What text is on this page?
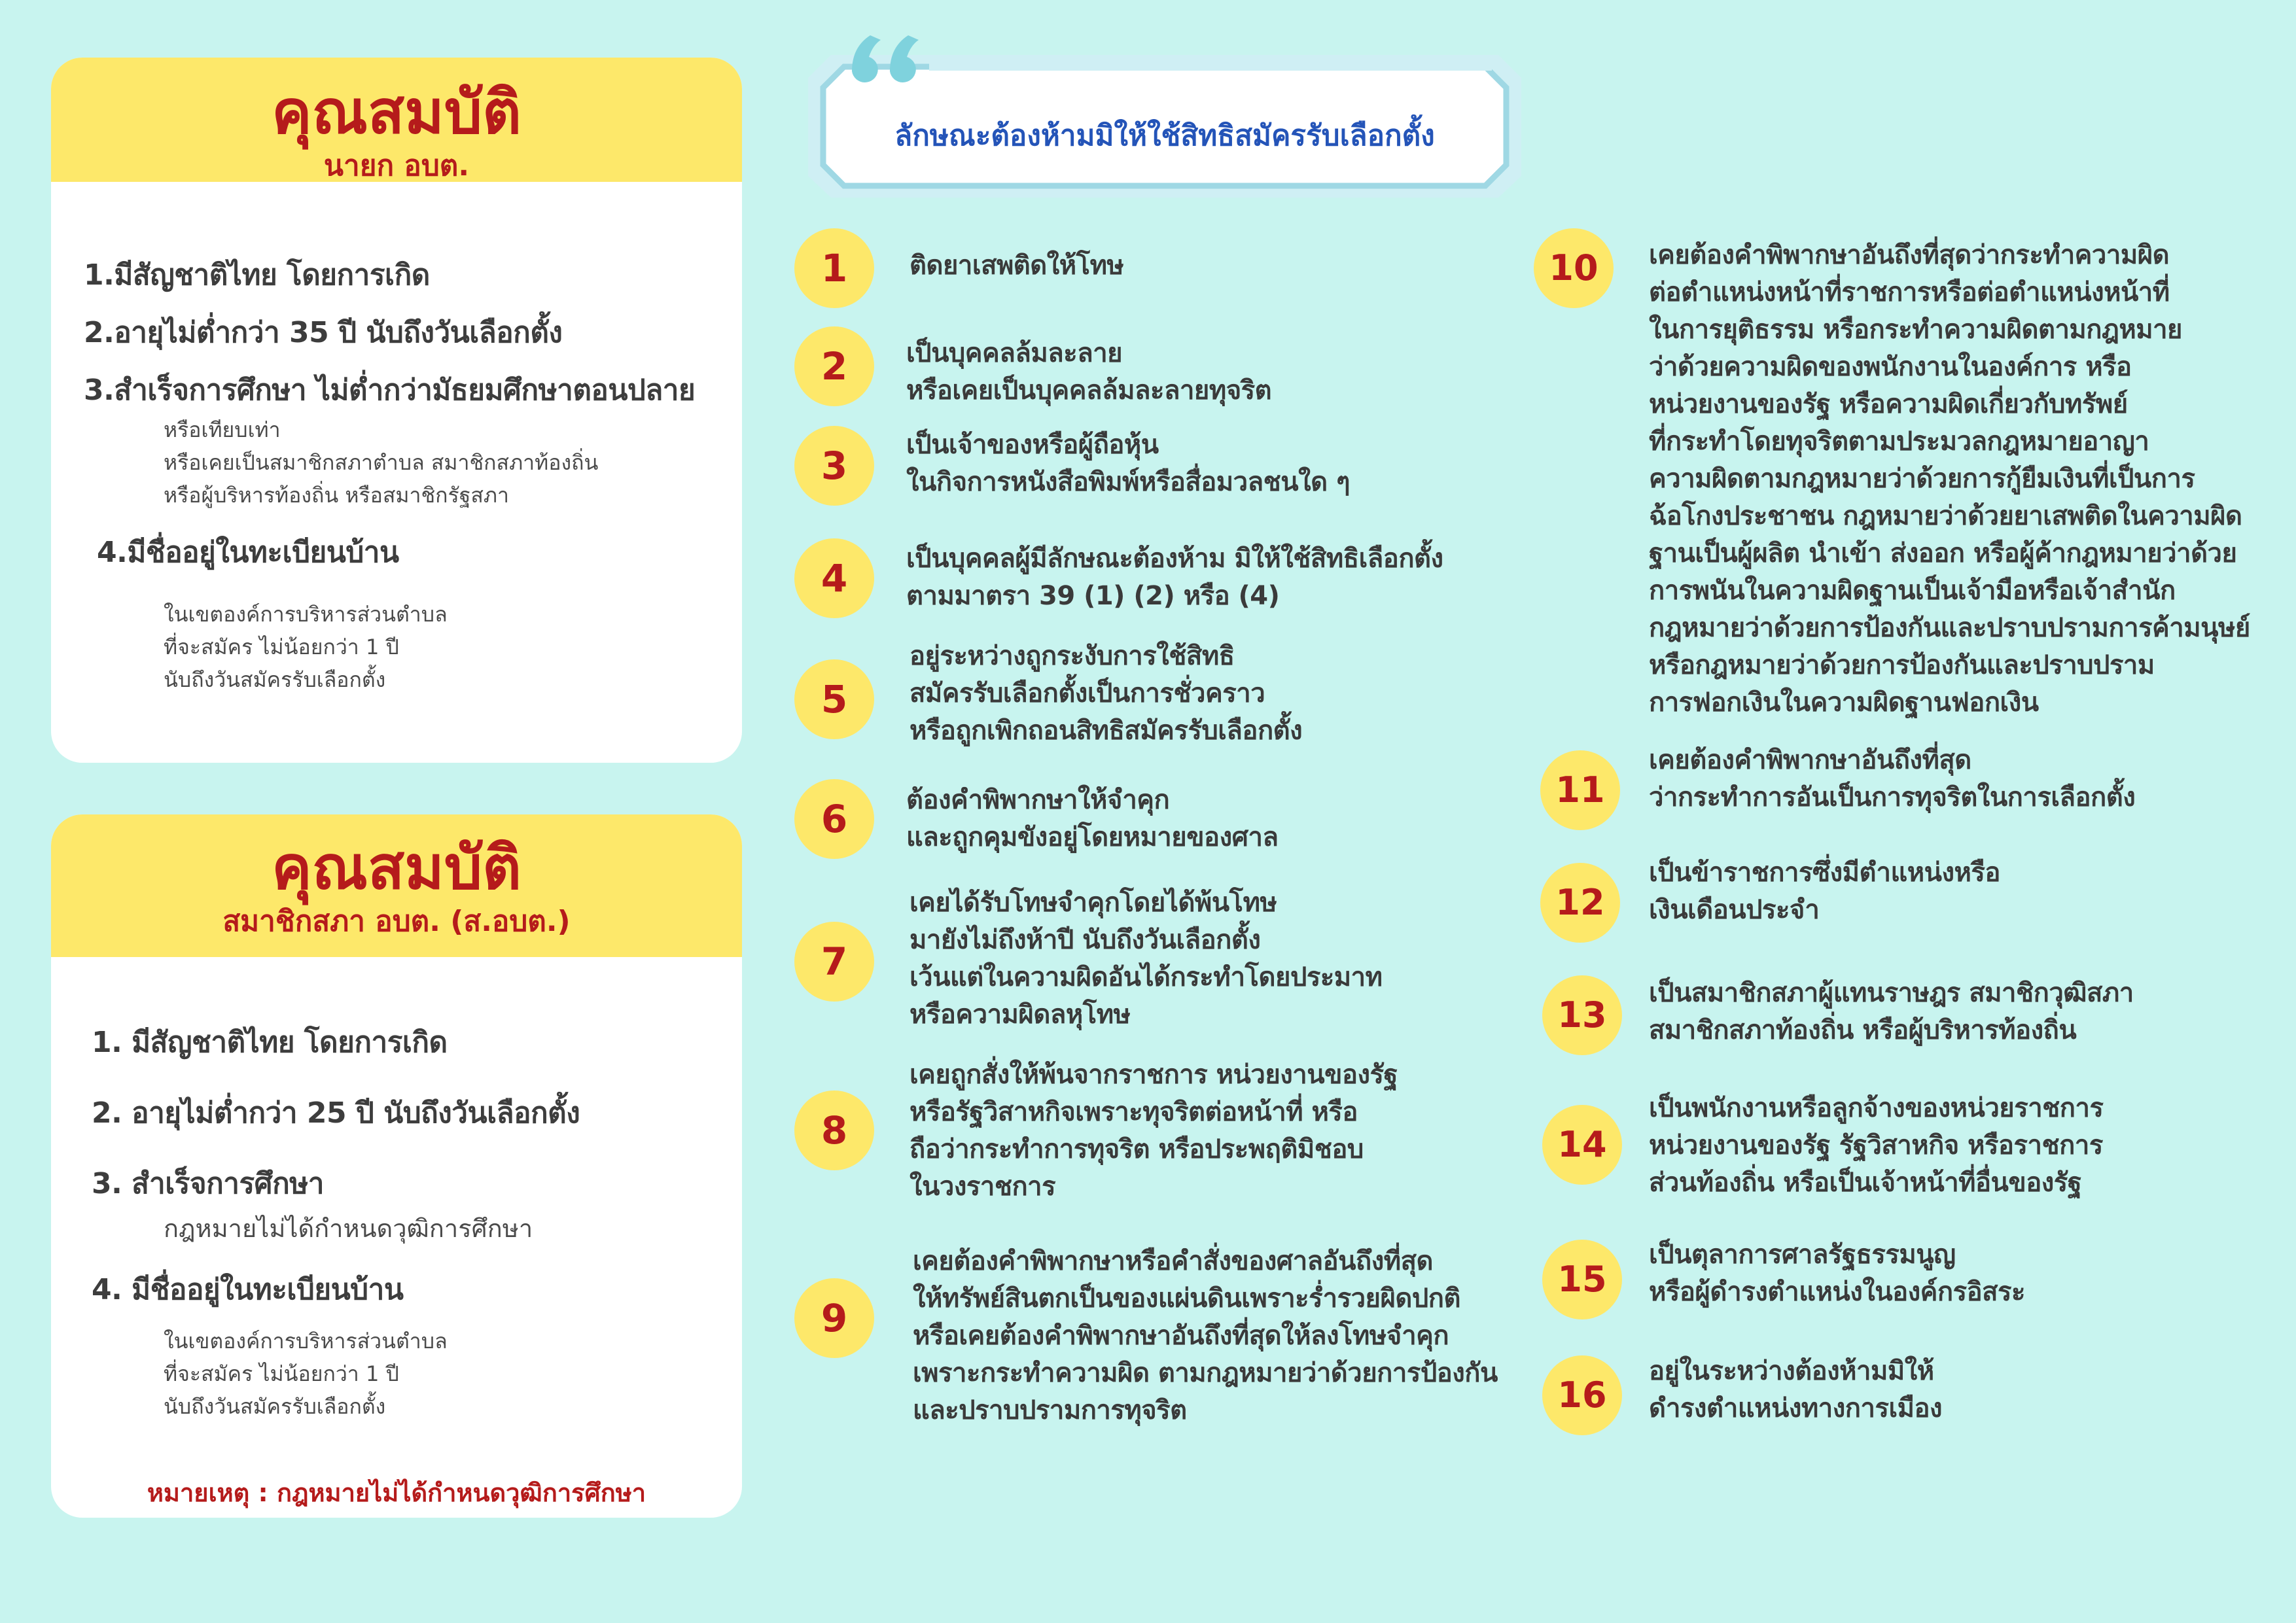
คุณสมบัติ
นายก อบต.
1.มีสัญชาติไทย โดยการเกิด
2.อายุไม่ต่ำกว่า 35 ปี นับถึงวันเลือกตั้ง
3.สำเร็จการศึกษา ไม่ต่ำกว่ามัธยมศึกษาตอนปลาย
หรือเทียบเท่า
หรือเคยเป็นสมาชิกสภาตำบล สมาชิกสภาท้องถิ่น
หรือผู้บริหารท้องถิ่น หรือสมาชิกรัฐสภา
4.มีชื่ออยู่ในทะเบียนบ้าน
ในเขตองค์การบริหารส่วนตำบล
ที่จะสมัคร ไม่น้อยกว่า 1 ปี
นับถึงวันสมัครรับเลือกตั้ง
คุณสมบัติ
สมาชิกสภา อบต. (ส.อบต.)
1. มีสัญชาติไทย โดยการเกิด
2. อายุไม่ต่ำกว่า 25 ปี นับถึงวันเลือกตั้ง
3. สำเร็จการศึกษา
กฎหมายไม่ได้กำหนดวุฒิการศึกษา
4. มีชื่ออยู่ในทะเบียนบ้าน
ในเขตองค์การบริหารส่วนตำบล
ที่จะสมัคร ไม่น้อยกว่า 1 ปี
นับถึงวันสมัครรับเลือกตั้ง
หมายเหตุ : กฎหมายไม่ได้กำหนดวุฒิการศึกษา
ลักษณะต้องห้ามมิให้ใช้สิทธิสมัครรับเลือกตั้ง
1	ติดยาเสพติดให้โทษ
2	เป็นบุคคลล้มละลาย
หรือเคยเป็นบุคคลล้มละลายทุจริต
3	เป็นเจ้าของหรือผู้ถือหุ้น
ในกิจการหนังสือพิมพ์หรือสื่อมวลชนใด ๆ
4	เป็นบุคคลผู้มีลักษณะต้องห้าม มิให้ใช้สิทธิเลือกตั้ง
ตามมาตรา 39 (1) (2) หรือ (4)
5
อยู่ระหว่างถูกระงับการใช้สิทธิ
สมัครรับเลือกตั้งเป็นการชั่วคราว
หรือถูกเพิกถอนสิทธิสมัครรับเลือกตั้ง
6	ต้องคำพิพากษาให้จำคุก
และถูกคุมขังอยู่โดยหมายของศาล
7
เคยได้รับโทษจำคุกโดยได้พ้นโทษ
มายังไม่ถึงห้าปี นับถึงวันเลือกตั้ง
เว้นแต่ในความผิดอันได้กระทำโดยประมาท
หรือความผิดลหุโทษ
8
เคยถูกสั่งให้พ้นจากราชการ หน่วยงานของรัฐ
หรือรัฐวิสาหกิจเพราะทุจริตต่อหน้าที่ หรือ
ถือว่ากระทำการทุจริต หรือประพฤติมิชอบ
ในวงราชการ
9
เคยต้องคำพิพากษาหรือคำสั่งของศาลอันถึงที่สุด
ให้ทรัพย์สินตกเป็นของแผ่นดินเพราะร่ำรวยผิดปกติ
หรือเคยต้องคำพิพากษาอันถึงที่สุดให้ลงโทษจำคุก
เพราะกระทำความผิด ตามกฎหมายว่าด้วยการป้องกัน
และปราบปรามการทุจริต
10	เคยต้องคำพิพากษาอันถึงที่สุดว่ากระทำความผิด
ต่อตำแหน่งหน้าที่ราชการหรือต่อตำแหน่งหน้าที่
ในการยุติธรรม หรือกระทำความผิดตามกฎหมาย
ว่าด้วยความผิดของพนักงานในองค์การ หรือ
หน่วยงานของรัฐ หรือความผิดเกี่ยวกับทรัพย์
ที่กระทำโดยทุจริตตามประมวลกฎหมายอาญา
ความผิดตามกฎหมายว่าด้วยการกู้ยืมเงินที่เป็นการ
ฉ้อโกงประชาชน กฎหมายว่าด้วยยาเสพติดในความผิด
ฐานเป็นผู้ผลิต นำเข้า ส่งออก หรือผู้ค้ากฎหมายว่าด้วย
การพนันในความผิดฐานเป็นเจ้ามือหรือเจ้าสำนัก
กฎหมายว่าด้วยการป้องกันและปราบปรามการค้ามนุษย์
หรือกฎหมายว่าด้วยการป้องกันและปราบปราม
การฟอกเงินในความผิดฐานฟอกเงิน
11
เคยต้องคำพิพากษาอันถึงที่สุด
ว่ากระทำการอันเป็นการทุจริตในการเลือกตั้ง
12
เป็นข้าราชการซึ่งมีตำแหน่งหรือ
เงินเดือนประจำ
13
เป็นสมาชิกสภาผู้แทนราษฎร สมาชิกวุฒิสภา
สมาชิกสภาท้องถิ่น หรือผู้บริหารท้องถิ่น
14
เป็นพนักงานหรือลูกจ้างของหน่วยราชการ
หน่วยงานของรัฐ รัฐวิสาหกิจ หรือราชการ
ส่วนท้องถิ่น หรือเป็นเจ้าหน้าที่อื่นของรัฐ
15
เป็นตุลาการศาลรัฐธรรมนูญ
หรือผู้ดำรงตำแหน่งในองค์กรอิสระ
16
อยู่ในระหว่างต้องห้ามมิให้
ดำรงตำแหน่งทางการเมือง
